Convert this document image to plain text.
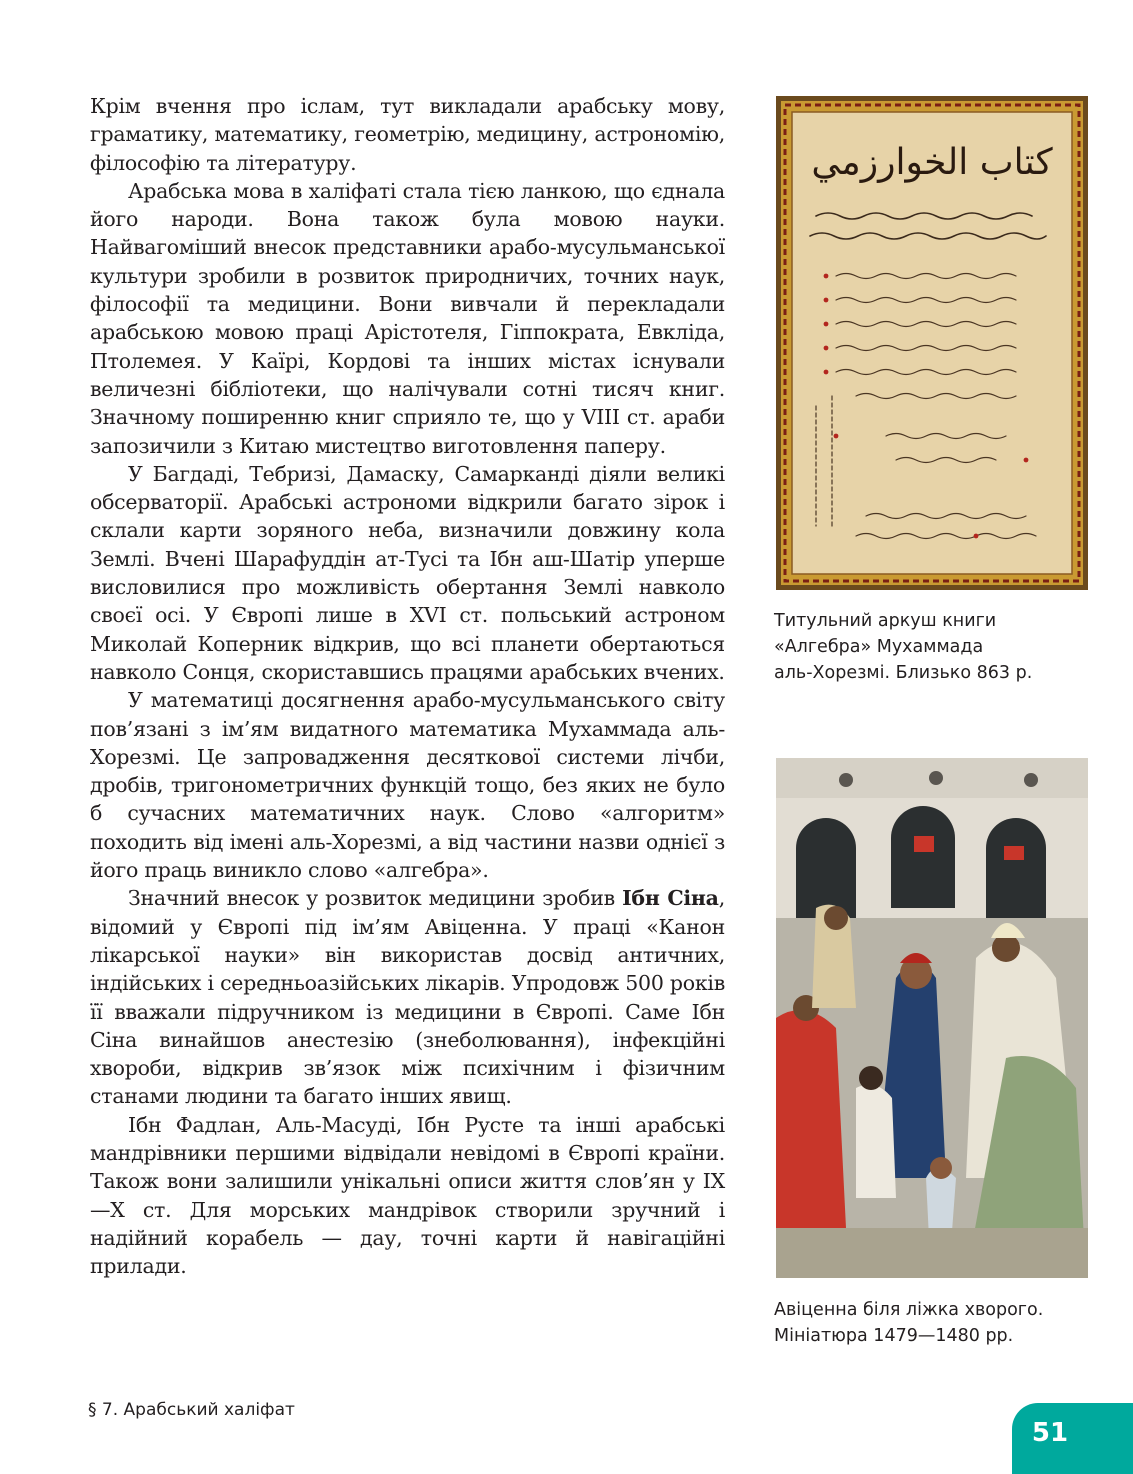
Крім вчення про іслам, тут викладали арабську мову, граматику, математику, геометрію, медицину, астрономію, філософію та літературу.

Арабська мова в халіфаті стала тією ланкою, що єднала його народи. Вона також була мовою науки. Найвагоміший внесок представники арабо-мусульманської культури зробили в розвиток природничих, точних наук, філософії та медицини. Вони вивчали й перекладали арабською мовою праці Арістотеля, Гіппократа, Евкліда, Птолемея. У Каїрі, Кордові та інших містах існували величезні бібліотеки, що налічували сотні тисяч книг. Значному поширенню книг сприяло те, що у VIII ст. араби запозичили з Китаю мистецтво виготовлення паперу.

У Багдаді, Тебризі, Дамаску, Самарканді діяли великі обсерваторії. Арабські астрономи відкрили багато зірок і склали карти зоряного неба, визначили довжину кола Землі. Вчені Шарафуддін ат-Тусі та Ібн аш-Шатір уперше висловилися про можливість обертання Землі навколо своєї осі. У Європі лише в XVI ст. польський астроном Миколай Коперник відкрив, що всі планети обертаються навколо Сонця, скориставшись працями арабських вчених.

У математиці досягнення арабо-мусульманського світу пов’язані з ім’ям видатного математика Мухаммада аль-Хорезмі. Це запровадження десяткової системи лічби, дробів, тригонометричних функцій тощо, без яких не було б сучасних математичних наук. Слово «алгоритм» походить від імені аль-Хорезмі, а від частини назви однієї з його праць виникло слово «алгебра».

Значний внесок у розвиток медицини зробив Ібн Сіна, відомий у Європі під ім’ям Авіценна. У праці «Канон лікарської науки» він використав досвід античних, індійських і середньоазійських лікарів. Упродовж 500 років її вважали підручником із медицини в Європі. Саме Ібн Сіна винайшов анестезію (знеболювання), інфекційні хвороби, відкрив зв’язок між психічним і фізичним станами людини та багато інших явищ.

Ібн Фадлан, Аль-Масуді, Ібн Русте та інші арабські мандрівники першими відвідали невідомі в Європі країни. Також вони залишили унікальні описи життя слов’ян у IX—X ст. Для морських мандрівок створили зручний і надійний корабель — дау, точні карти й навігаційні прилади.

كتاب الخوارزمي
Титульний аркуш книги
«Алгебра» Мухаммада
аль-Хорезмі. Близько 863 р.
Авіценна біля ліжка хворого.
Мініатюра 1479—1480 рр.
§ 7. Арабський халіфат
51
